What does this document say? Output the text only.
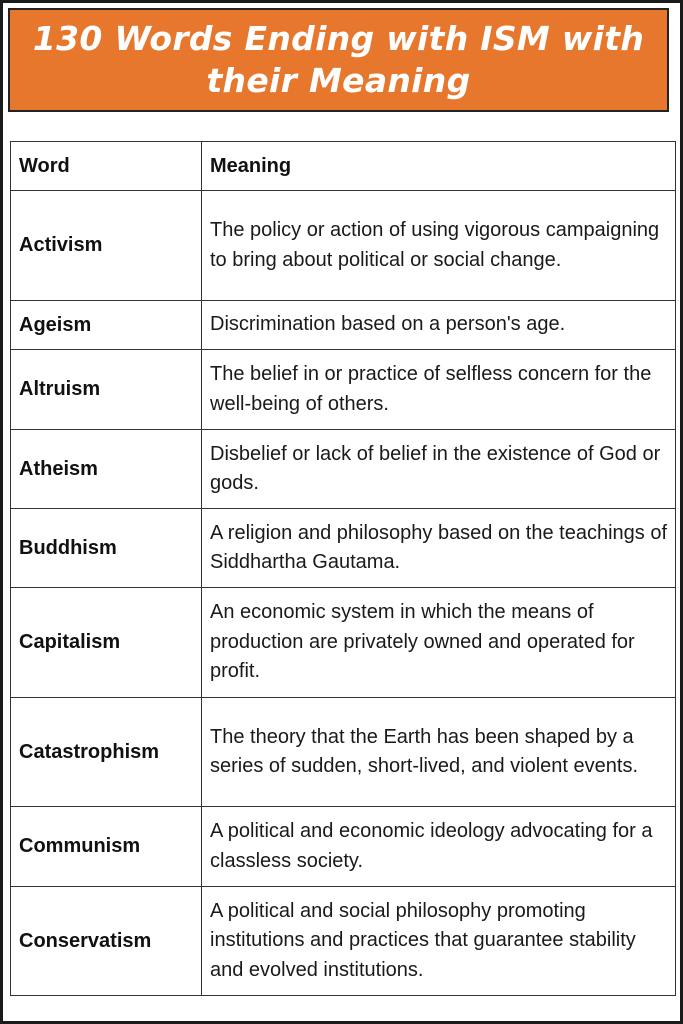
130 Words Ending with ISM with their Meaning
Word	Meaning
Activism	The policy or action of using vigorous campaigning to bring about political or social change.
Ageism	Discrimination based on a person's age.
Altruism	The belief in or practice of selfless concern for the well-being of others.
Atheism	Disbelief or lack of belief in the existence of God or gods.
Buddhism	A religion and philosophy based on the teachings of Siddhartha Gautama.
Capitalism	An economic system in which the means of production are privately owned and operated for profit.
Catastrophism	The theory that the Earth has been shaped by a series of sudden, short-lived, and violent events.
Communism	A political and economic ideology advocating for a classless society.
Conservatism	A political and social philosophy promoting institutions and practices that guarantee stability and evolved institutions.
